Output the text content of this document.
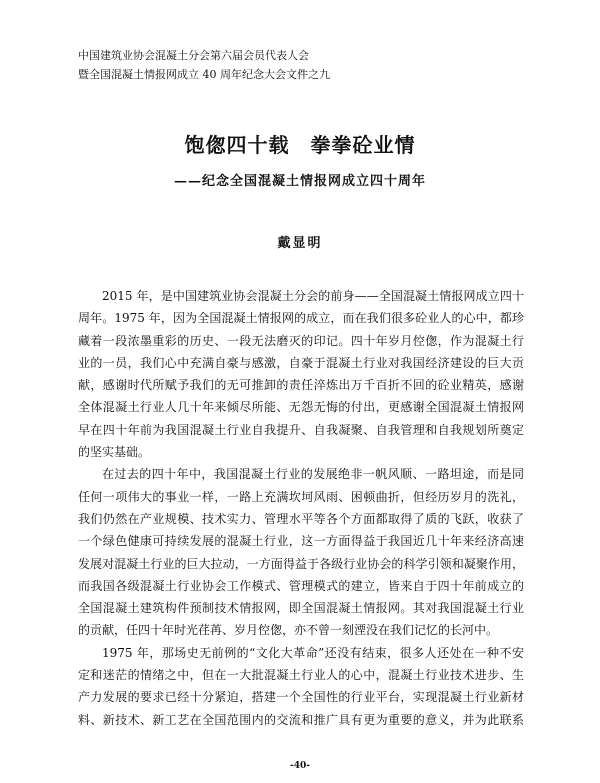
中国建筑业协会混凝土分会第六届会员代表人会
暨全国混凝土情报网成立 40 周年纪念大会文件之九
饱偬四十载　拳拳砼业情
——纪念全国混凝土情报网成立四十周年
戴显明
2015 年，是中国建筑业协会混凝土分会的前身——全国混凝土情报网成立四十
周年。1975 年，因为全国混凝土情报网的成立，而在我们很多砼业人的心中，都珍
藏着一段浓墨重彩的历史、一段无法磨灭的印记。四十年岁月倥偬，作为混凝土行
业的一员，我们心中充满自豪与感激，自豪于混凝土行业对我国经济建设的巨大贡
献，感谢时代所赋予我们的无可推卸的责任淬炼出万千百折不回的砼业精英，感谢
全体混凝土行业人几十年来倾尽所能、无怨无悔的付出，更感谢全国混凝土情报网
早在四十年前为我国混凝土行业自我提升、自我凝聚、自我管理和自我规划所奠定
的坚实基础。
在过去的四十年中，我国混凝土行业的发展绝非一帆风顺、一路坦途，而是同
任何一项伟大的事业一样，一路上充满坎坷风雨、困顿曲折，但经历岁月的洗礼，
我们仍然在产业规模、技术实力、管理水平等各个方面都取得了质的飞跃，收获了
一个绿色健康可持续发展的混凝土行业，这一方面得益于我国近几十年来经济高速
发展对混凝土行业的巨大拉动，一方面得益于各级行业协会的科学引领和凝聚作用，
而我国各级混凝土行业协会工作模式、管理模式的建立，皆来自于四十年前成立的
全国混凝土建筑构件预制技术情报网，即全国混凝土情报网。其对我国混凝土行业
的贡献，任四十年时光荏苒、岁月倥偬，亦不曾一刻湮没在我们记忆的长河中。
1975 年，那场史无前例的“文化大革命”还没有结束，很多人还处在一种不安
定和迷茫的情绪之中，但在一大批混凝土行业人的心中，混凝土行业技术进步、生
产力发展的要求已经十分紧迫，搭建一个全国性的行业平台，实现混凝土行业新材
料、新技术、新工艺在全国范围内的交流和推广具有更为重要的意义，并为此联系
-40-
